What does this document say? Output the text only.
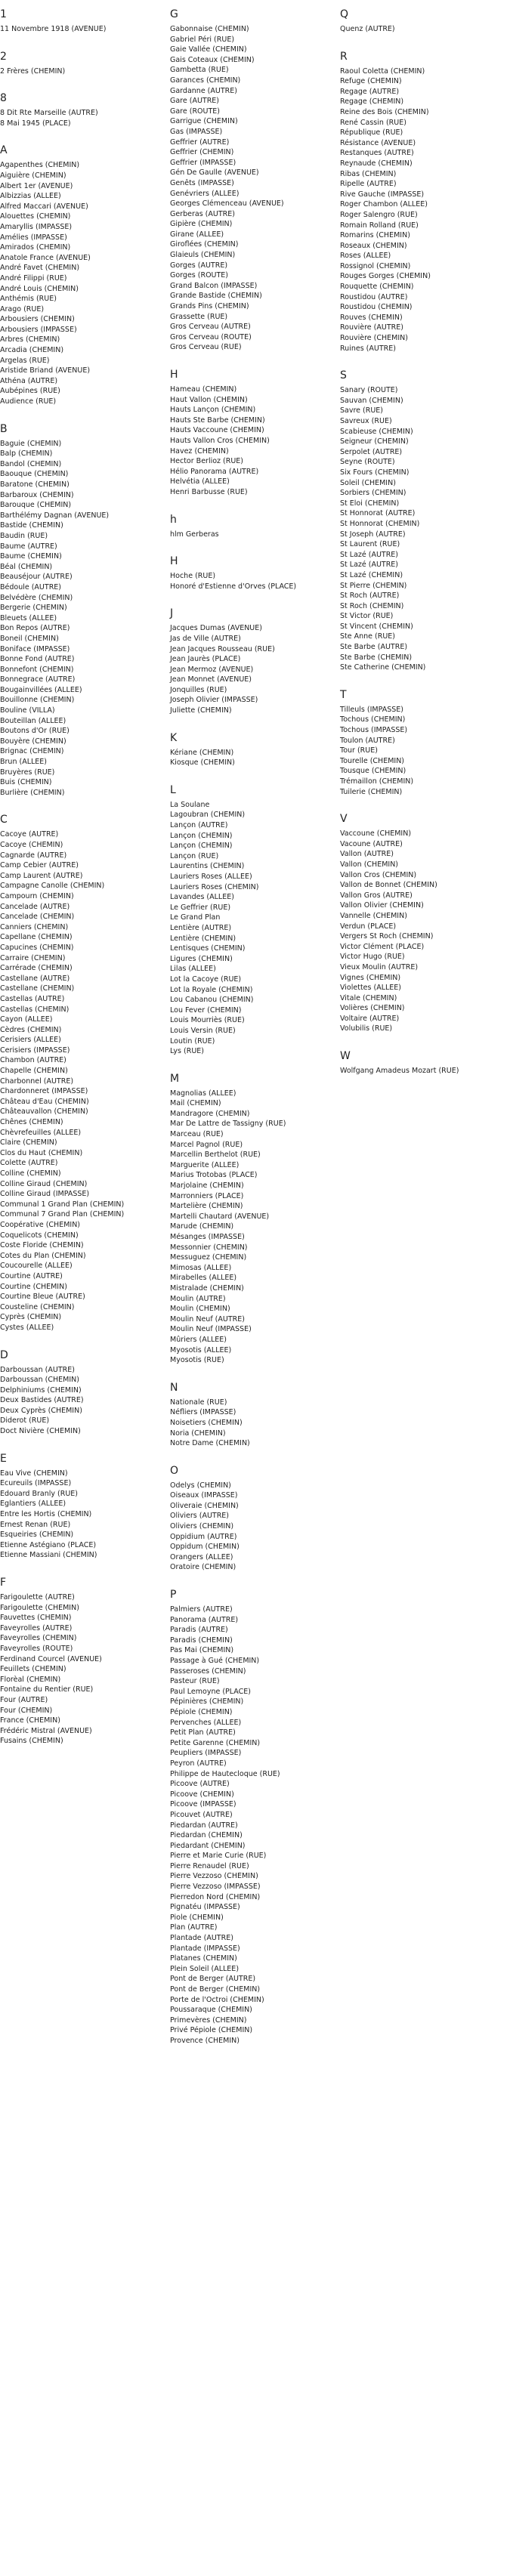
1
11 Novembre 1918 (AVENUE)
2
2 Frères (CHEMIN)
8
8 Dit Rte Marseille (AUTRE)
8 Mai 1945 (PLACE)
A
Agapenthes (CHEMIN)
Aiguière (CHEMIN)
Albert 1er (AVENUE)
Albizzias (ALLEE)
Alfred Maccari (AVENUE)
Alouettes (CHEMIN)
Amaryllis (IMPASSE)
Amélies (IMPASSE)
Amirados (CHEMIN)
Anatole France (AVENUE)
André Favet (CHEMIN)
André Filippi (RUE)
André Louis (CHEMIN)
Anthémis (RUE)
Arago (RUE)
Arbousiers (CHEMIN)
Arbousiers (IMPASSE)
Arbres (CHEMIN)
Arcadia (CHEMIN)
Argelas (RUE)
Aristide Briand (AVENUE)
Athéna (AUTRE)
Aubépines (RUE)
Audience (RUE)
B
Baguie (CHEMIN)
Balp (CHEMIN)
Bandol (CHEMIN)
Baouque (CHEMIN)
Baratone (CHEMIN)
Barbaroux (CHEMIN)
Barouque (CHEMIN)
Barthélémy Dagnan (AVENUE)
Bastide (CHEMIN)
Baudin (RUE)
Baume (AUTRE)
Baume (CHEMIN)
Béal (CHEMIN)
Beauséjour (AUTRE)
Bédoule (AUTRE)
Belvédère (CHEMIN)
Bergerie (CHEMIN)
Bleuets (ALLEE)
Bon Repos (AUTRE)
Boneil (CHEMIN)
Boniface (IMPASSE)
Bonne Fond (AUTRE)
Bonnefont (CHEMIN)
Bonnegrace (AUTRE)
Bougainvillées (ALLEE)
Bouillonne (CHEMIN)
Bouline (VILLA)
Bouteillan (ALLEE)
Boutons d'Or (RUE)
Bouyère (CHEMIN)
Brignac (CHEMIN)
Brun (ALLEE)
Bruyères (RUE)
Buis (CHEMIN)
Burlière (CHEMIN)
C
Cacoye (AUTRE)
Cacoye (CHEMIN)
Cagnarde (AUTRE)
Camp Cebier (AUTRE)
Camp Laurent (AUTRE)
Campagne Canolle (CHEMIN)
Campourn (CHEMIN)
Cancelade (AUTRE)
Cancelade (CHEMIN)
Canniers (CHEMIN)
Capellane (CHEMIN)
Capucines (CHEMIN)
Carraire (CHEMIN)
Carrérade (CHEMIN)
Castellane (AUTRE)
Castellane (CHEMIN)
Castellas (AUTRE)
Castellas (CHEMIN)
Cayon (ALLEE)
Cèdres (CHEMIN)
Cerisiers (ALLEE)
Cerisiers (IMPASSE)
Chambon (AUTRE)
Chapelle (CHEMIN)
Charbonnel (AUTRE)
Chardonneret (IMPASSE)
Château d'Eau (CHEMIN)
Châteauvallon (CHEMIN)
Chênes (CHEMIN)
Chèvrefeuilles (ALLEE)
Claire (CHEMIN)
Clos du Haut (CHEMIN)
Colette (AUTRE)
Colline (CHEMIN)
Colline Giraud (CHEMIN)
Colline Giraud (IMPASSE)
Communal 1 Grand Plan (CHEMIN)
Communal 7 Grand Plan (CHEMIN)
Coopérative (CHEMIN)
Coquelicots (CHEMIN)
Coste Floride (CHEMIN)
Cotes du Plan (CHEMIN)
Coucourelle (ALLEE)
Courtine (AUTRE)
Courtine (CHEMIN)
Courtine Bleue (AUTRE)
Cousteline (CHEMIN)
Cyprès (CHEMIN)
Cystes (ALLEE)
D
Darboussan (AUTRE)
Darboussan (CHEMIN)
Delphiniums (CHEMIN)
Deux Bastides (AUTRE)
Deux Cyprès (CHEMIN)
Diderot (RUE)
Doct Nivière (CHEMIN)
E
Eau Vive (CHEMIN)
Ecureuils (IMPASSE)
Edouard Branly (RUE)
Eglantiers (ALLEE)
Entre les Hortis (CHEMIN)
Ernest Renan (RUE)
Esqueiries (CHEMIN)
Etienne Astégiano (PLACE)
Etienne Massiani (CHEMIN)
F
Farigoulette (AUTRE)
Farigoulette (CHEMIN)
Fauvettes (CHEMIN)
Faveyrolles (AUTRE)
Faveyrolles (CHEMIN)
Faveyrolles (ROUTE)
Ferdinand Courcel (AVENUE)
Feuillets (CHEMIN)
Florèal (CHEMIN)
Fontaine du Rentier (RUE)
Four (AUTRE)
Four (CHEMIN)
France (CHEMIN)
Frédéric Mistral (AVENUE)
Fusains (CHEMIN)
G
Gabonnaise (CHEMIN)
Gabriel Péri (RUE)
Gaie Vallée (CHEMIN)
Gais Coteaux (CHEMIN)
Gambetta (RUE)
Garances (CHEMIN)
Gardanne (AUTRE)
Gare (AUTRE)
Gare (ROUTE)
Garrigue (CHEMIN)
Gas (IMPASSE)
Geffrier (AUTRE)
Geffrier (CHEMIN)
Geffrier (IMPASSE)
Gén De Gaulle (AVENUE)
Genêts (IMPASSE)
Genévriers (ALLEE)
Georges Clémenceau (AVENUE)
Gerberas (AUTRE)
Gipière (CHEMIN)
Girane (ALLEE)
Giroflées (CHEMIN)
Glaieuls (CHEMIN)
Gorges (AUTRE)
Gorges (ROUTE)
Grand Balcon (IMPASSE)
Grande Bastide (CHEMIN)
Grands Pins (CHEMIN)
Grassette (RUE)
Gros Cerveau (AUTRE)
Gros Cerveau (ROUTE)
Gros Cerveau (RUE)
H
Hameau (CHEMIN)
Haut Vallon (CHEMIN)
Hauts Lançon (CHEMIN)
Hauts Ste Barbe (CHEMIN)
Hauts Vaccoune (CHEMIN)
Hauts Vallon Cros (CHEMIN)
Havez (CHEMIN)
Hector Berlioz (RUE)
Hélio Panorama (AUTRE)
Helvétia (ALLEE)
Henri Barbusse (RUE)
h
hlm Gerberas
H
Hoche (RUE)
Honoré d'Estienne d'Orves (PLACE)
J
Jacques Dumas (AVENUE)
Jas de Ville (AUTRE)
Jean Jacques Rousseau (RUE)
Jean Jaurès (PLACE)
Jean Mermoz (AVENUE)
Jean Monnet (AVENUE)
Jonquilles (RUE)
Joseph Olivier (IMPASSE)
Juliette (CHEMIN)
K
Kériane (CHEMIN)
Kiosque (CHEMIN)
L
La Soulane
Lagoubran (CHEMIN)
Lançon (AUTRE)
Lançon (CHEMIN)
Lançon (CHEMIN)
Lançon (RUE)
Laurentins (CHEMIN)
Lauriers Roses (ALLEE)
Lauriers Roses (CHEMIN)
Lavandes (ALLEE)
Le Geffrier (RUE)
Le Grand Plan
Lentière (AUTRE)
Lentière (CHEMIN)
Lentisques (CHEMIN)
Ligures (CHEMIN)
Lilas (ALLEE)
Lot la Cacoye (RUE)
Lot la Royale (CHEMIN)
Lou Cabanou (CHEMIN)
Lou Fever (CHEMIN)
Louis Mourriès (RUE)
Louis Versin (RUE)
Loutin (RUE)
Lys (RUE)
M
Magnolias (ALLEE)
Mail (CHEMIN)
Mandragore (CHEMIN)
Mar De Lattre de Tassigny (RUE)
Marceau (RUE)
Marcel Pagnol (RUE)
Marcellin Berthelot (RUE)
Marguerite (ALLEE)
Marius Trotobas (PLACE)
Marjolaine (CHEMIN)
Marronniers (PLACE)
Martelière (CHEMIN)
Martelli Chautard (AVENUE)
Marude (CHEMIN)
Mésanges (IMPASSE)
Messonnier (CHEMIN)
Messuguez (CHEMIN)
Mimosas (ALLEE)
Mirabelles (ALLEE)
Mistralade (CHEMIN)
Moulin (AUTRE)
Moulin (CHEMIN)
Moulin Neuf (AUTRE)
Moulin Neuf (IMPASSE)
Mûriers (ALLEE)
Myosotis (ALLEE)
Myosotis (RUE)
N
Nationale (RUE)
Néfliers (IMPASSE)
Noisetiers (CHEMIN)
Noria (CHEMIN)
Notre Dame (CHEMIN)
O
Odelys (CHEMIN)
Oiseaux (IMPASSE)
Oliveraie (CHEMIN)
Oliviers (AUTRE)
Oliviers (CHEMIN)
Oppidium (AUTRE)
Oppidum (CHEMIN)
Orangers (ALLEE)
Oratoire (CHEMIN)
P
Palmiers (AUTRE)
Panorama (AUTRE)
Paradis (AUTRE)
Paradis (CHEMIN)
Pas Mai (CHEMIN)
Passage à Gué (CHEMIN)
Passeroses (CHEMIN)
Pasteur (RUE)
Paul Lemoyne (PLACE)
Pépinières (CHEMIN)
Pépiole (CHEMIN)
Pervenches (ALLEE)
Petit Plan (AUTRE)
Petite Garenne (CHEMIN)
Peupliers (IMPASSE)
Peyron (AUTRE)
Philippe de Hautecloque (RUE)
Picoove (AUTRE)
Picoove (CHEMIN)
Picoove (IMPASSE)
Picouvet (AUTRE)
Piedardan (AUTRE)
Piedardan (CHEMIN)
Piedardant (CHEMIN)
Pierre et Marie Curie (RUE)
Pierre Renaudel (RUE)
Pierre Vezzoso (CHEMIN)
Pierre Vezzoso (IMPASSE)
Pierredon Nord (CHEMIN)
Pignatéu (IMPASSE)
Piole (CHEMIN)
Plan (AUTRE)
Plantade (AUTRE)
Plantade (IMPASSE)
Platanes (CHEMIN)
Plein Soleil (ALLEE)
Pont de Berger (AUTRE)
Pont de Berger (CHEMIN)
Porte de l'Octroi (CHEMIN)
Poussaraque (CHEMIN)
Primevères (CHEMIN)
Privé Pépiole (CHEMIN)
Provence (CHEMIN)
Q
Quenz (AUTRE)
R
Raoul Coletta (CHEMIN)
Refuge (CHEMIN)
Regage (AUTRE)
Regage (CHEMIN)
Reine des Bois (CHEMIN)
René Cassin (RUE)
République (RUE)
Résistance (AVENUE)
Restanques (AUTRE)
Reynaude (CHEMIN)
Ribas (CHEMIN)
Ripelle (AUTRE)
Rive Gauche (IMPASSE)
Roger Chambon (ALLEE)
Roger Salengro (RUE)
Romain Rolland (RUE)
Romarins (CHEMIN)
Roseaux (CHEMIN)
Roses (ALLEE)
Rossignol (CHEMIN)
Rouges Gorges (CHEMIN)
Rouquette (CHEMIN)
Roustidou (AUTRE)
Roustidou (CHEMIN)
Rouves (CHEMIN)
Rouvière (AUTRE)
Rouvière (CHEMIN)
Ruines (AUTRE)
S
Sanary (ROUTE)
Sauvan (CHEMIN)
Savre (RUE)
Savreux (RUE)
Scabieuse (CHEMIN)
Seigneur (CHEMIN)
Serpolet (AUTRE)
Seyne (ROUTE)
Six Fours (CHEMIN)
Soleil (CHEMIN)
Sorbiers (CHEMIN)
St Eloi (CHEMIN)
St Honnorat (AUTRE)
St Honnorat (CHEMIN)
St Joseph (AUTRE)
St Laurent (RUE)
St Lazé (AUTRE)
St Lazé (AUTRE)
St Lazé (CHEMIN)
St Pierre (CHEMIN)
St Roch (AUTRE)
St Roch (CHEMIN)
St Victor (RUE)
St Vincent (CHEMIN)
Ste Anne (RUE)
Ste Barbe (AUTRE)
Ste Barbe (CHEMIN)
Ste Catherine (CHEMIN)
T
Tilleuls (IMPASSE)
Tochous (CHEMIN)
Tochous (IMPASSE)
Toulon (AUTRE)
Tour (RUE)
Tourelle (CHEMIN)
Tousque (CHEMIN)
Trémaillon (CHEMIN)
Tuilerie (CHEMIN)
V
Vaccoune (CHEMIN)
Vacoune (AUTRE)
Vallon (AUTRE)
Vallon (CHEMIN)
Vallon Cros (CHEMIN)
Vallon de Bonnet (CHEMIN)
Vallon Gros (AUTRE)
Vallon Olivier (CHEMIN)
Vannelle (CHEMIN)
Verdun (PLACE)
Vergers St Roch (CHEMIN)
Victor Clément (PLACE)
Victor Hugo (RUE)
Vieux Moulin (AUTRE)
Vignes (CHEMIN)
Violettes (ALLEE)
Vitale (CHEMIN)
Volières (CHEMIN)
Voltaire (AUTRE)
Volubilis (RUE)
W
Wolfgang Amadeus Mozart (RUE)
